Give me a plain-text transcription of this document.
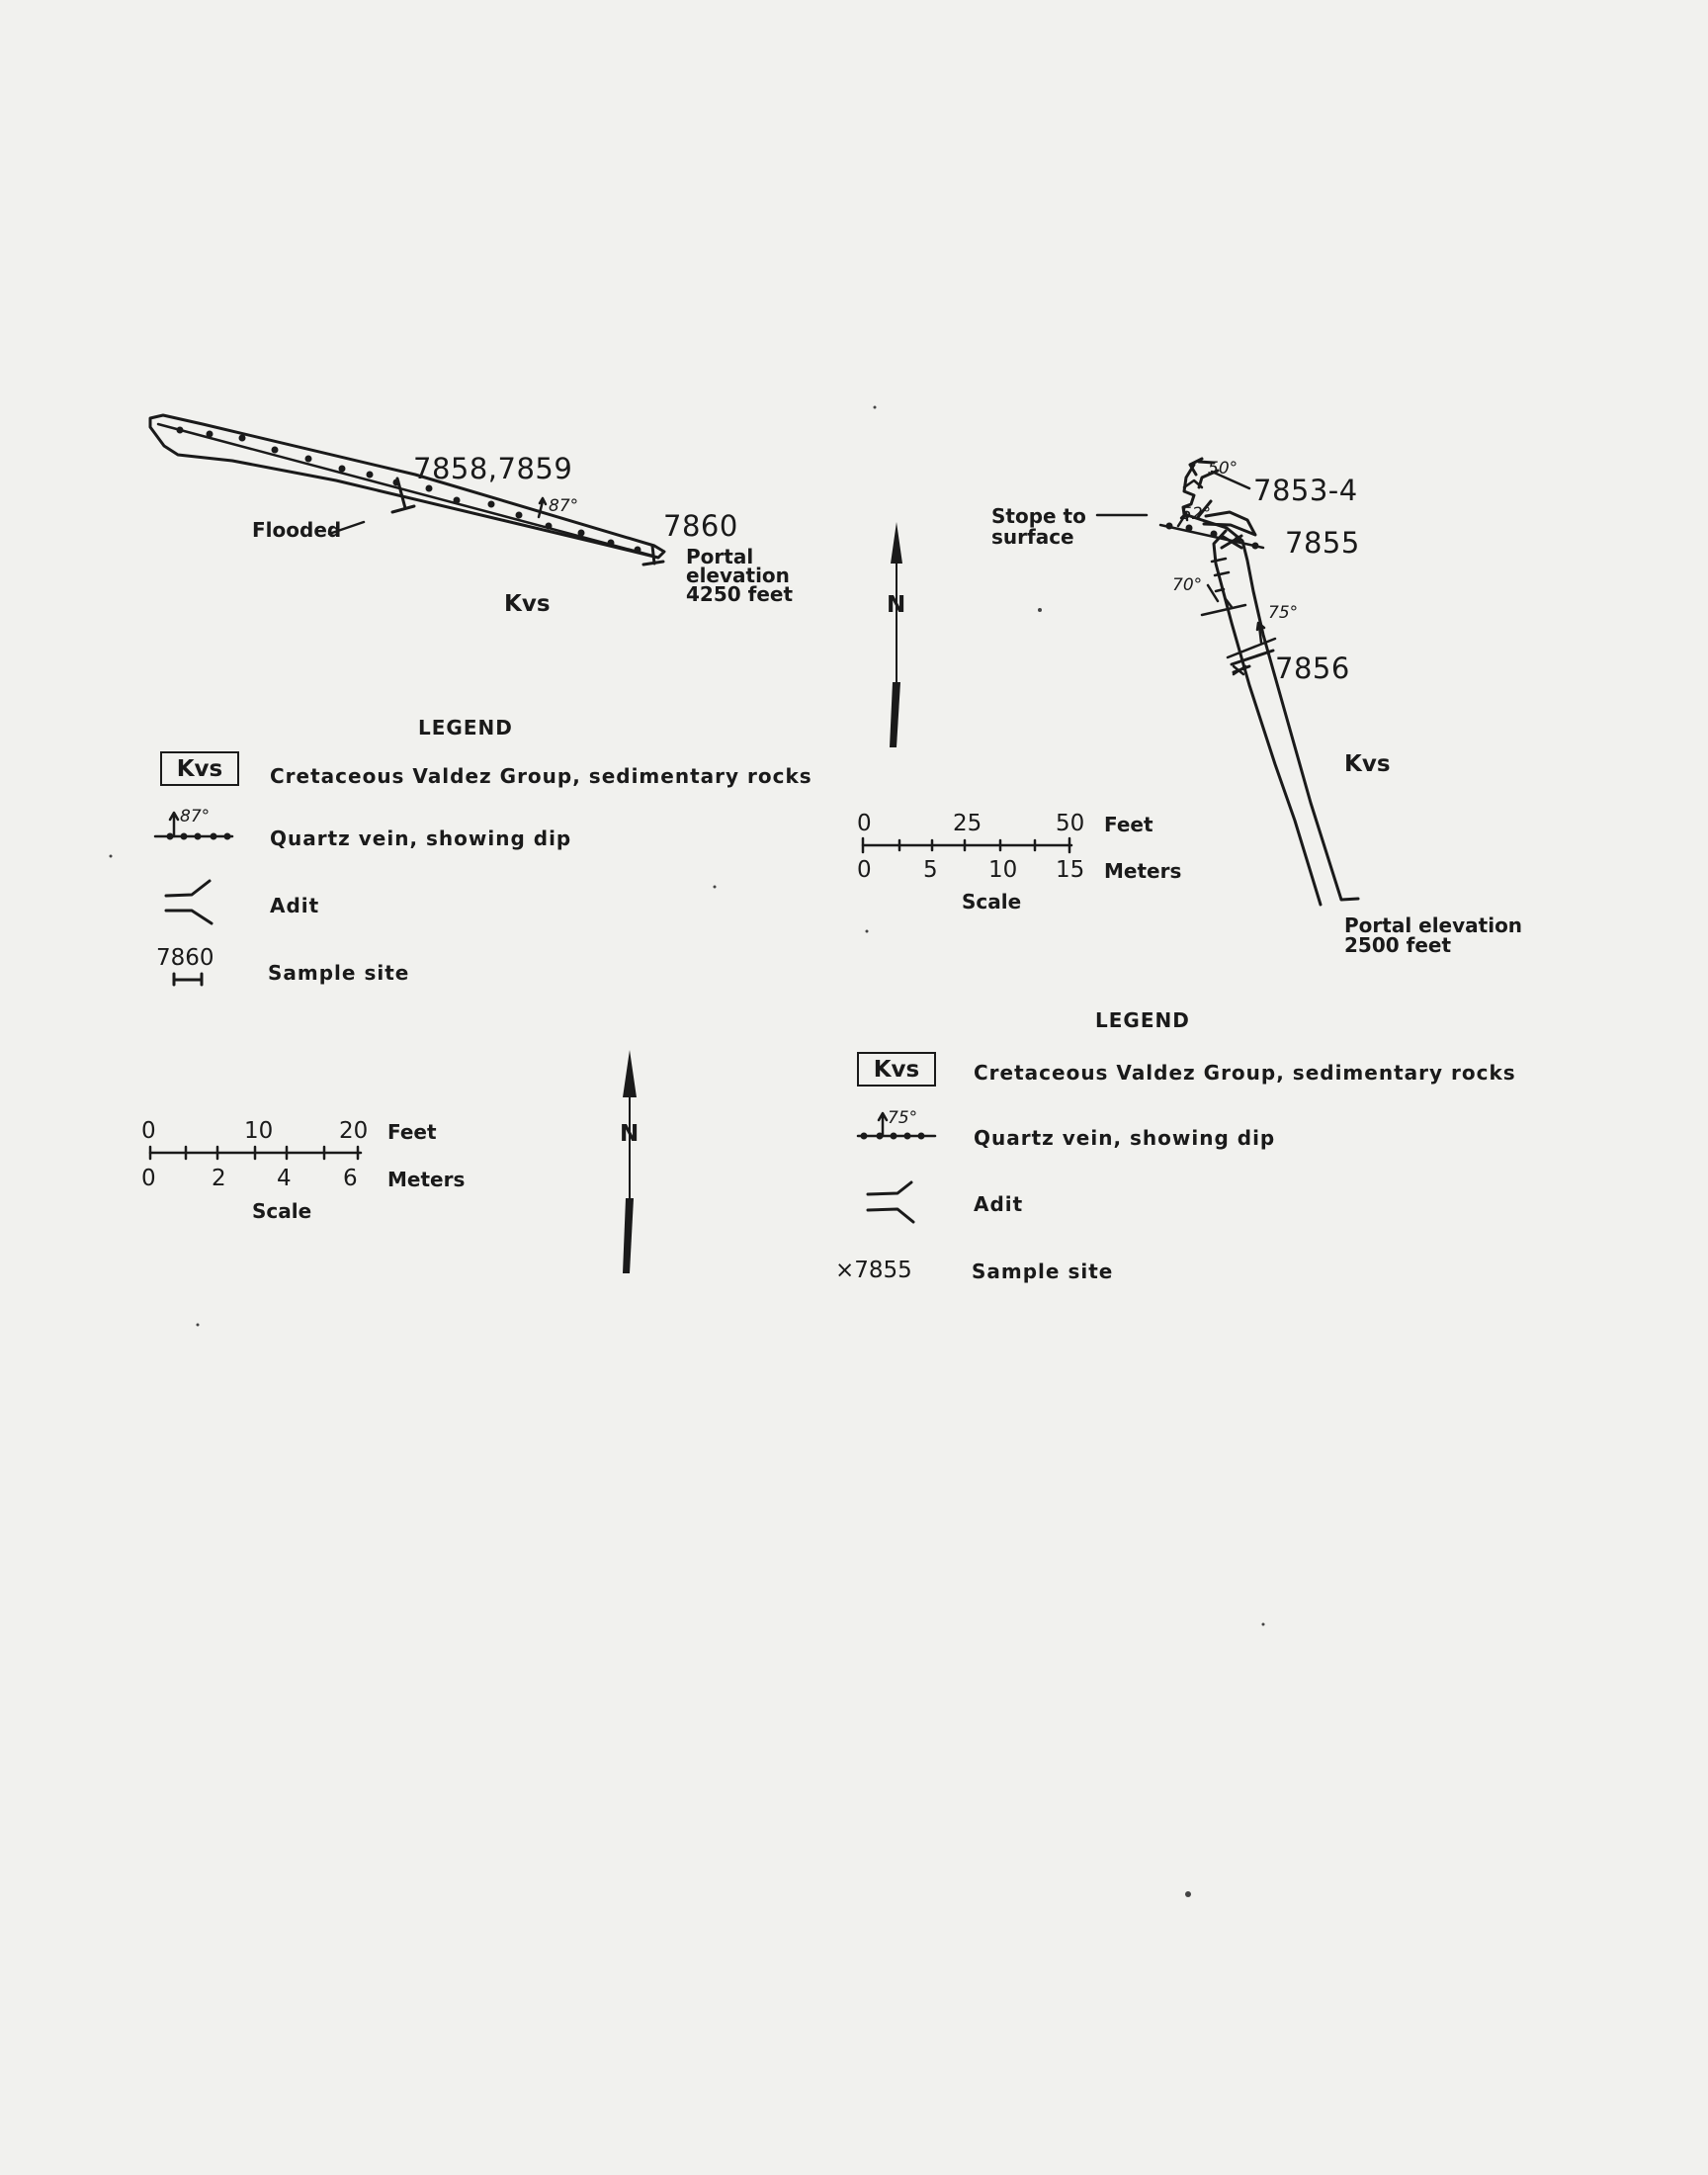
7858,7859
7860
87°
Flooded
Portal
elevation
4250 feet
Kvs	N
LEGEND
Kvs	Cretaceous Valdez Group, sedimentary rocks
87°
Quartz vein, showing dip
Adit
7860
Sample site
0	10	20 Feet
0 2 4 6 Meters
Scale
N
50°
7853-4
Stope to
surface
52°
7855
70°
75°
7856
Kvs
Portal elevation
2500 feet
0	25	50 Feet
0 5 10 15 Meters
Scale
LEGEND
Kvs	Cretaceous Valdez Group, sedimentary rocks
75°
Quartz vein, showing dip
Adit
×7855	Sample site
